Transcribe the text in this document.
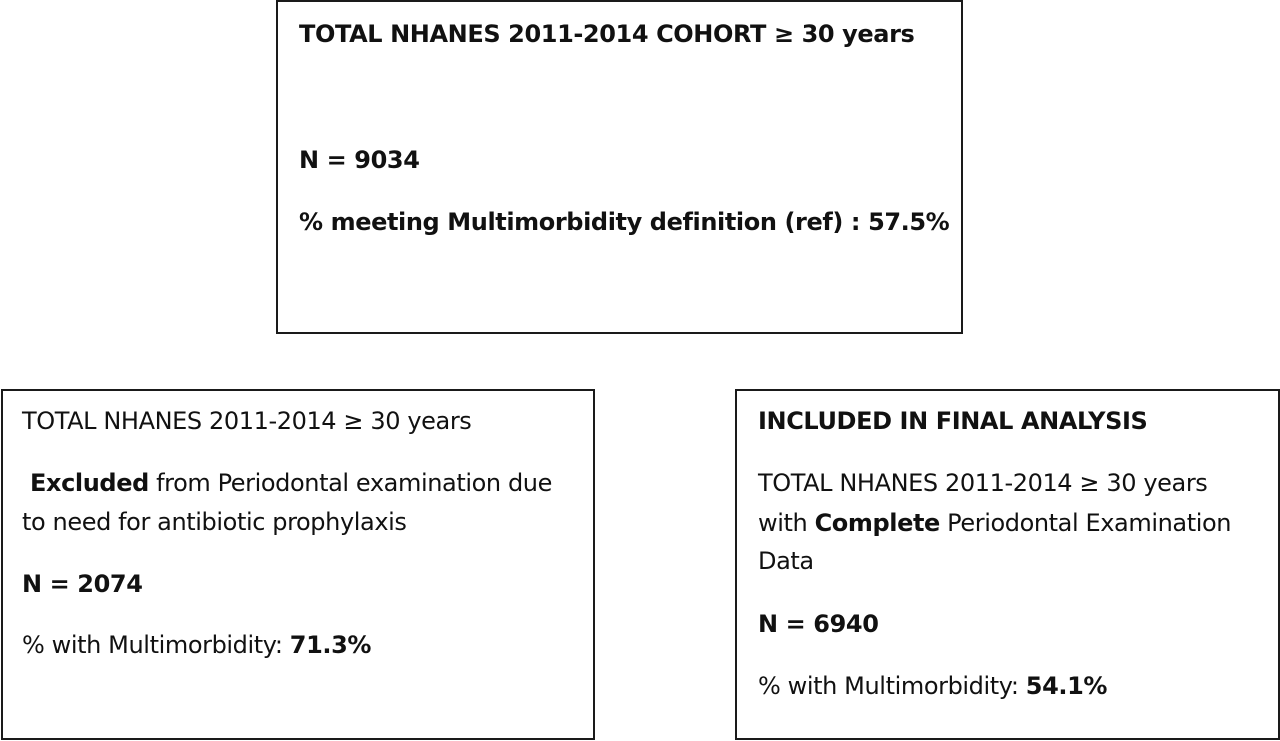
TOTAL NHANES 2011-2014 COHORT ≥ 30 years
N = 9034
% meeting Multimorbidity definition (ref) : 57.5%
TOTAL NHANES 2011-2014 ≥ 30 years
Excluded from Periodontal examination due
to need for antibiotic prophylaxis
N = 2074
% with Multimorbidity: 71.3%
INCLUDED IN FINAL ANALYSIS
TOTAL NHANES 2011-2014 ≥ 30 years
with Complete Periodontal Examination
Data
N = 6940
% with Multimorbidity: 54.1%
